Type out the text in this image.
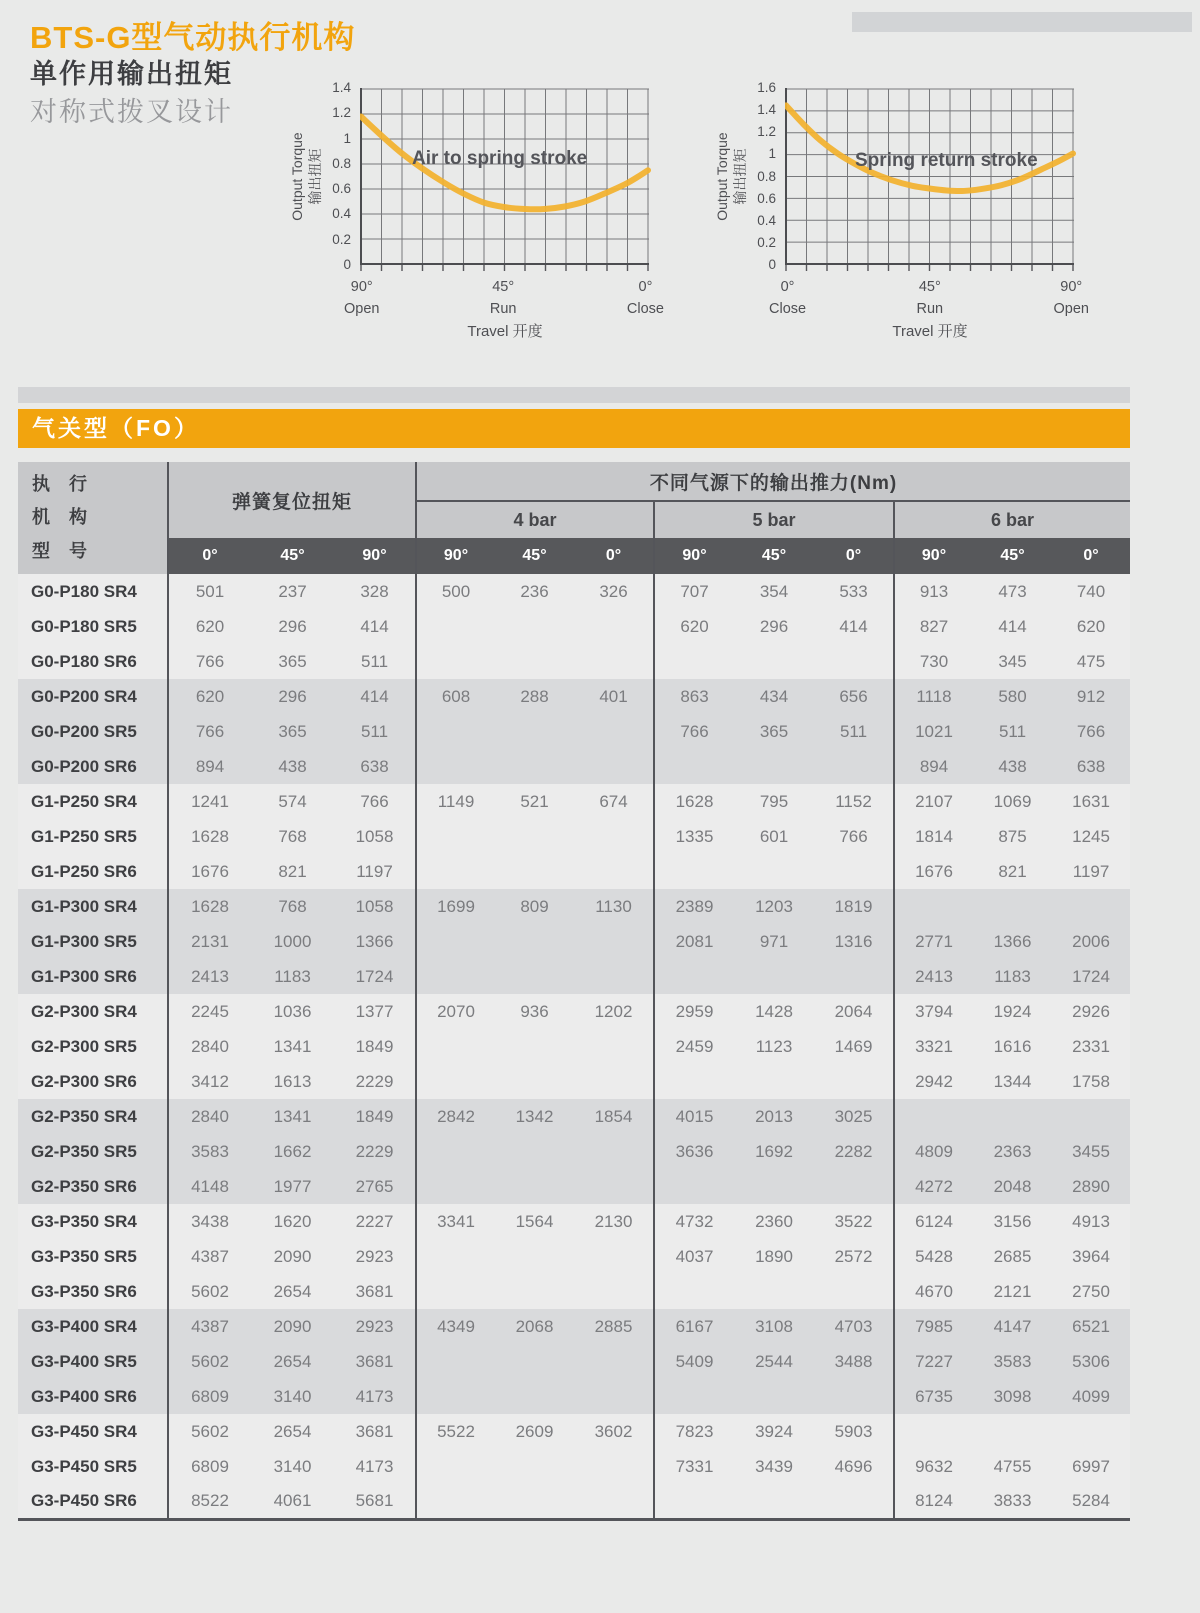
BTS-G型气动执行机构
单作用输出扭矩
对称式拨叉设计
Output Torque 输出扭矩
1.4
1.2
1
0.8
0.6
0.4
0.2
0
Air to spring stroke
90°
Open
45°
Run
0°
Close
Travel 开度
Output Torque 输出扭矩
1.6
1.4
1.2
1
0.8
0.6
0.4
0.2
0
Spring return stroke
0°
Close
45°
Run
90°
Open
Travel 开度
气关型（FO）
执 行
机 构
型 号	弹簧复位扭矩			不同气源下的输出推力(Nm)								
				4 bar			5 bar			6 bar		
	0°	45°	90°	90°	45°	0°	90°	45°	0°	90°	45°	0°
G0-P180 SR4	501	237	328	500	236	326	707	354	533	913	473	740
G0-P180 SR5	620	296	414				620	296	414	827	414	620
G0-P180 SR6	766	365	511							730	345	475
G0-P200 SR4	620	296	414	608	288	401	863	434	656	1118	580	912
G0-P200 SR5	766	365	511				766	365	511	1021	511	766
G0-P200 SR6	894	438	638							894	438	638
G1-P250 SR4	1241	574	766	1149	521	674	1628	795	1152	2107	1069	1631
G1-P250 SR5	1628	768	1058				1335	601	766	1814	875	1245
G1-P250 SR6	1676	821	1197							1676	821	1197
G1-P300 SR4	1628	768	1058	1699	809	1130	2389	1203	1819			
G1-P300 SR5	2131	1000	1366				2081	971	1316	2771	1366	2006
G1-P300 SR6	2413	1183	1724							2413	1183	1724
G2-P300 SR4	2245	1036	1377	2070	936	1202	2959	1428	2064	3794	1924	2926
G2-P300 SR5	2840	1341	1849				2459	1123	1469	3321	1616	2331
G2-P300 SR6	3412	1613	2229							2942	1344	1758
G2-P350 SR4	2840	1341	1849	2842	1342	1854	4015	2013	3025			
G2-P350 SR5	3583	1662	2229				3636	1692	2282	4809	2363	3455
G2-P350 SR6	4148	1977	2765							4272	2048	2890
G3-P350 SR4	3438	1620	2227	3341	1564	2130	4732	2360	3522	6124	3156	4913
G3-P350 SR5	4387	2090	2923				4037	1890	2572	5428	2685	3964
G3-P350 SR6	5602	2654	3681							4670	2121	2750
G3-P400 SR4	4387	2090	2923	4349	2068	2885	6167	3108	4703	7985	4147	6521
G3-P400 SR5	5602	2654	3681				5409	2544	3488	7227	3583	5306
G3-P400 SR6	6809	3140	4173							6735	3098	4099
G3-P450 SR4	5602	2654	3681	5522	2609	3602	7823	3924	5903			
G3-P450 SR5	6809	3140	4173				7331	3439	4696	9632	4755	6997
G3-P450 SR6	8522	4061	5681							8124	3833	5284
